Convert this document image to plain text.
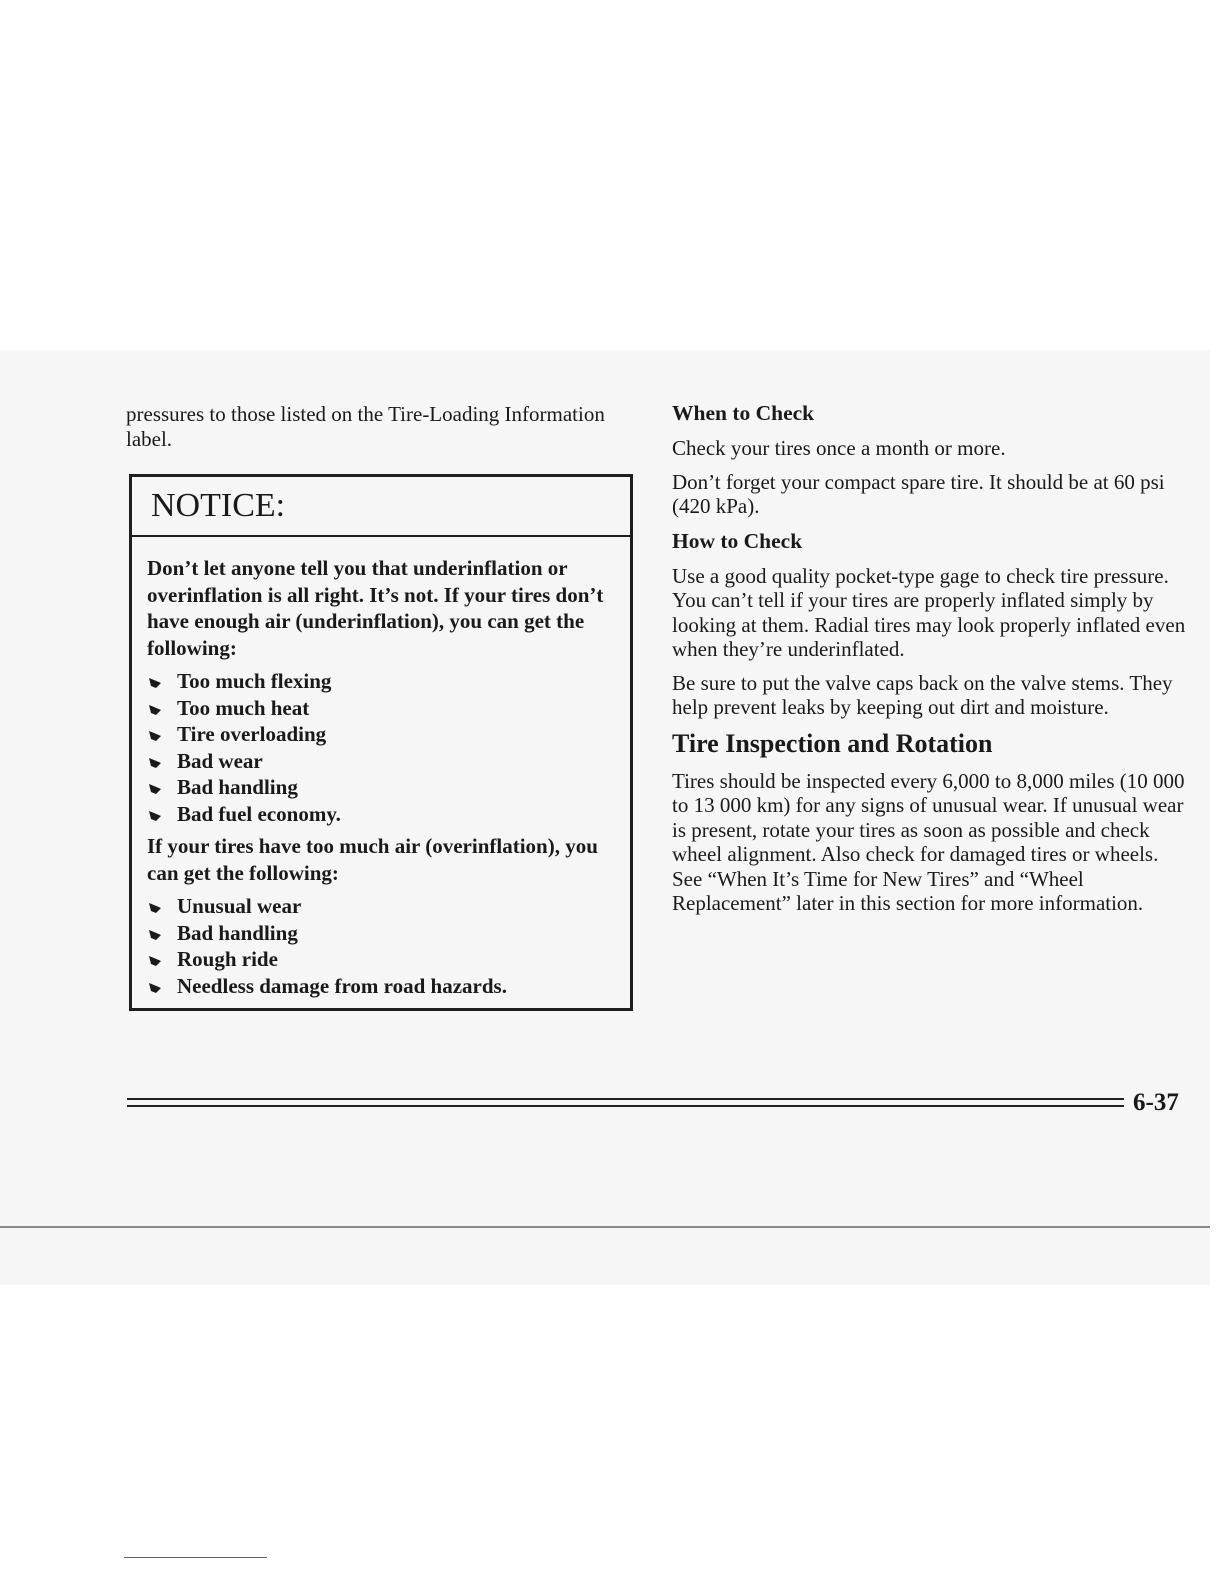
pressures to those listed on the Tire-Loading Information label.

NOTICE:

Don’t let anyone tell you that underinflation or overinflation is all right. It’s not. If your tires don’t have enough air (underinflation), you can get the following:

Too much flexing
Too much heat
Tire overloading
Bad wear
Bad handling
Bad fuel economy.

If your tires have too much air (overinflation), you can get the following:

Unusual wear
Bad handling
Rough ride
Needless damage from road hazards.
When to Check

Check your tires once a month or more.

Don’t forget your compact spare tire. It should be at 60 psi (420 kPa).

How to Check

Use a good quality pocket-type gage to check tire pressure. You can’t tell if your tires are properly inflated simply by looking at them. Radial tires may look properly inflated even when they’re underinflated.

Be sure to put the valve caps back on the valve stems. They help prevent leaks by keeping out dirt and moisture.

Tire Inspection and Rotation

Tires should be inspected every 6,000 to 8,000 miles (10 000 to 13 000 km) for any signs of unusual wear. If unusual wear is present, rotate your tires as soon as possible and check wheel alignment. Also check for damaged tires or wheels. See “When It’s Time for New Tires” and “Wheel Replacement” later in this section for more information.

6-37
